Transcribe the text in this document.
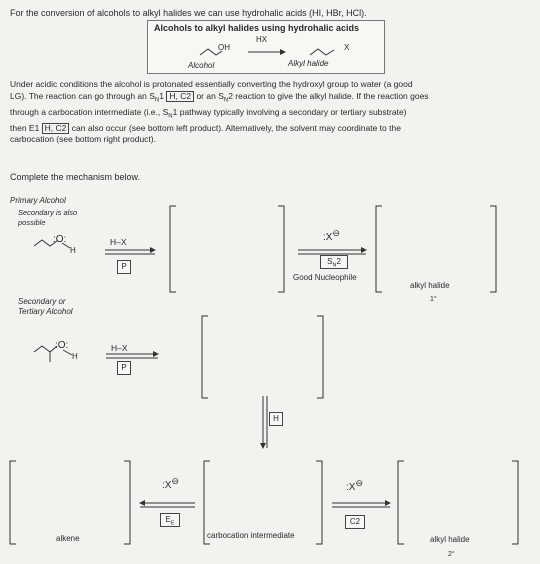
For the conversion of alcohols to alkyl halides we can use hydrohalic acids (HI, HBr, HCl).
Alcohols to alkyl halides using hydrohalic acids
HX
OH	X
Alcohol	Alkyl halide
Under acidic conditions the alcohol is protonated essentially converting the hydroxyl group to water (a good
LG). The reaction can go through an $S_N1$ H, C2 or an $S_N2$ reaction to give the alkyl halide. If the reaction goes
through a carbocation intermediate (i.e., $S_N1$ pathway typically involving a secondary or tertiary substrate)
then E1 H, C2 can also occur (see bottom left product). Alternatively, the solvent may coordinate to the
carbocation (see bottom right product).
Complete the mechanism below.
Primary Alcohol
Secondary is also
possible
:O:
H
H–X
P
:X⊖
$S_N2$
Good Nucleophile
alkyl halide
1°
Secondary or
Tertiary Alcohol
:O:
H
H–X
P
H
alkene
:X⊖
$E_E$
carbocation intermediate
:X⊖
C2
alkyl halide
2°
